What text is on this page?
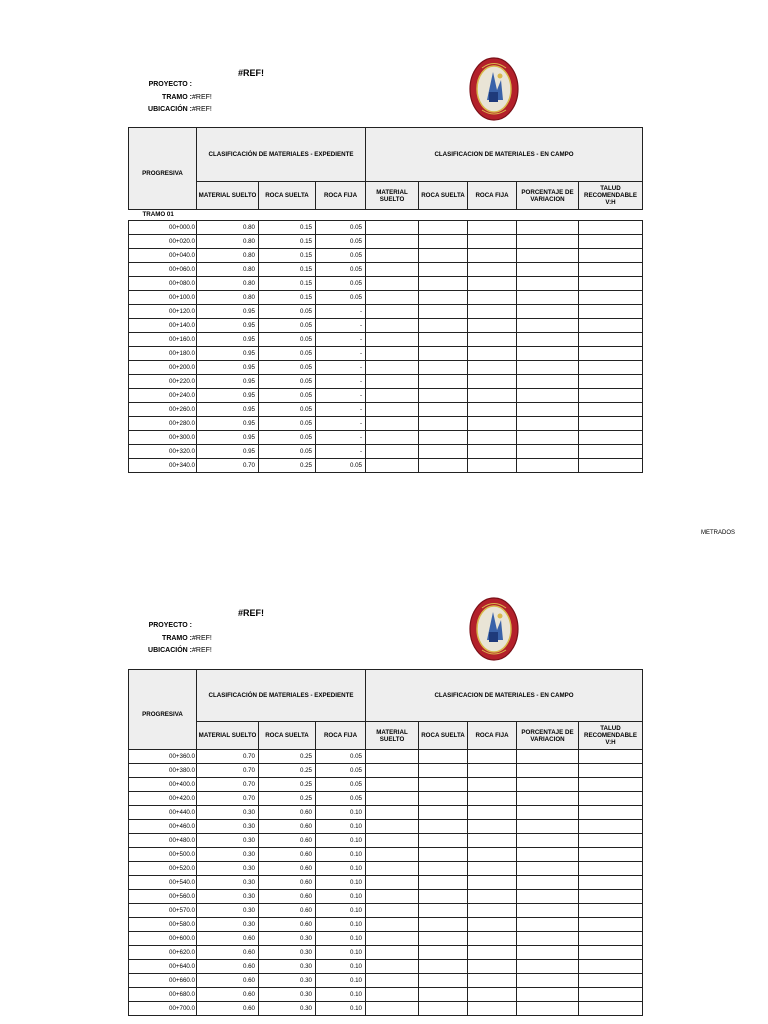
#REF!
PROYECTO :
TRAMO :#REF!
UBICACIÓN :#REF!
PROGRESIVA	CLASIFICACIÓN DE MATERIALES - EXPEDIENTE			CLASIFICACION DE MATERIALES - EN CAMPO				
	MATERIAL SUELTO	ROCA SUELTA	ROCA FIJA	MATERIAL SUELTO	ROCA SUELTA	ROCA FIJA	PORCENTAJE DE VARIACION	TALUD RECOMENDABLE V:H
TRAMO 01								
00+000.0	0.80	0.15	0.05					
00+020.0	0.80	0.15	0.05					
00+040.0	0.80	0.15	0.05					
00+060.0	0.80	0.15	0.05					
00+080.0	0.80	0.15	0.05					
00+100.0	0.80	0.15	0.05					
00+120.0	0.95	0.05	-					
00+140.0	0.95	0.05	-					
00+160.0	0.95	0.05	-					
00+180.0	0.95	0.05	-					
00+200.0	0.95	0.05	-					
00+220.0	0.95	0.05	-					
00+240.0	0.95	0.05	-					
00+260.0	0.95	0.05	-					
00+280.0	0.95	0.05	-					
00+300.0	0.95	0.05	-					
00+320.0	0.95	0.05	-					
00+340.0	0.70	0.25	0.05					
METRADOS
#REF!
PROYECTO :
TRAMO :#REF!
UBICACIÓN :#REF!
PROGRESIVA	CLASIFICACIÓN DE MATERIALES - EXPEDIENTE			CLASIFICACION DE MATERIALES - EN CAMPO				
	MATERIAL SUELTO	ROCA SUELTA	ROCA FIJA	MATERIAL SUELTO	ROCA SUELTA	ROCA FIJA	PORCENTAJE DE VARIACION	TALUD RECOMENDABLE V:H
00+360.0	0.70	0.25	0.05					
00+380.0	0.70	0.25	0.05					
00+400.0	0.70	0.25	0.05					
00+420.0	0.70	0.25	0.05					
00+440.0	0.30	0.60	0.10					
00+460.0	0.30	0.60	0.10					
00+480.0	0.30	0.60	0.10					
00+500.0	0.30	0.60	0.10					
00+520.0	0.30	0.60	0.10					
00+540.0	0.30	0.60	0.10					
00+560.0	0.30	0.60	0.10					
00+570.0	0.30	0.60	0.10					
00+580.0	0.30	0.60	0.10					
00+600.0	0.60	0.30	0.10					
00+620.0	0.60	0.30	0.10					
00+640.0	0.60	0.30	0.10					
00+660.0	0.60	0.30	0.10					
00+680.0	0.60	0.30	0.10					
00+700.0	0.60	0.30	0.10					
